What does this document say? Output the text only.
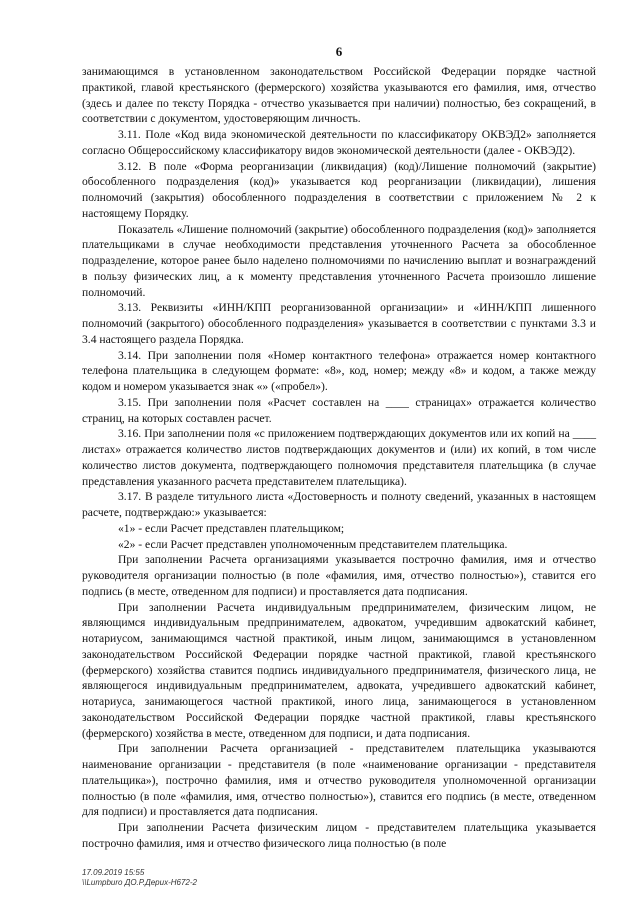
6

занимающимся в установленном законодательством Российской Федерации порядке частной практикой, главой крестьянского (фермерского) хозяйства указываются его фамилия, имя, отчество (здесь и далее по тексту Порядка - отчество указывается при наличии) полностью, без сокращений, в соответствии с документом, удостоверяющим личность.

3.11. Поле «Код вида экономической деятельности по классификатору ОКВЭД2» заполняется согласно Общероссийскому классификатору видов экономической деятельности (далее - ОКВЭД2).

3.12. В поле «Форма реорганизации (ликвидация) (код)/Лишение полномочий (закрытие) обособленного подразделения (код)» указывается код реорганизации (ликвидации), лишения полномочий (закрытия) обособленного подразделения в соответствии с приложением № 2 к настоящему Порядку.

Показатель «Лишение полномочий (закрытие) обособленного подразделения (код)» заполняется плательщиками в случае необходимости представления уточненного Расчета за обособленное подразделение, которое ранее было наделено полномочиями по начислению выплат и вознаграждений в пользу физических лиц, а к моменту представления уточненного Расчета произошло лишение полномочий.

3.13. Реквизиты «ИНН/КПП реорганизованной организации» и «ИНН/КПП лишенного полномочий (закрытого) обособленного подразделения» указывается в соответствии с пунктами 3.3 и 3.4 настоящего раздела Порядка.

3.14. При заполнении поля «Номер контактного телефона» отражается номер контактного телефона плательщика в следующем формате: «8», код, номер; между «8» и кодом, а также между кодом и номером указывается знак «» («пробел»).

3.15. При заполнении поля «Расчет составлен на ____ страницах» отражается количество страниц, на которых составлен расчет.

3.16. При заполнении поля «с приложением подтверждающих документов или их копий на ____ листах» отражается количество листов подтверждающих документов и (или) их копий, в том числе количество листов документа, подтверждающего полномочия представителя плательщика (в случае представления указанного расчета представителем плательщика).

3.17. В разделе титульного листа «Достоверность и полноту сведений, указанных в настоящем расчете, подтверждаю:» указывается:

«1» - если Расчет представлен плательщиком;

«2» - если Расчет представлен уполномоченным представителем плательщика.

При заполнении Расчета организациями указывается построчно фамилия, имя и отчество руководителя организации полностью (в поле «фамилия, имя, отчество полностью»), ставится его подпись (в месте, отведенном для подписи) и проставляется дата подписания.

При заполнении Расчета индивидуальным предпринимателем, физическим лицом, не являющимся индивидуальным предпринимателем, адвокатом, учредившим адвокатский кабинет, нотариусом, занимающимся частной практикой, иным лицом, занимающимся в установленном законодательством Российской Федерации порядке частной практикой, главой крестьянского (фермерского) хозяйства ставится подпись индивидуального предпринимателя, физического лица, не являющегося индивидуальным предпринимателем, адвоката, учредившего адвокатский кабинет, нотариуса, занимающегося частной практикой, иного лица, занимающегося в установленном законодательством Российской Федерации порядке частной практикой, главы крестьянского (фермерского) хозяйства в месте, отведенном для подписи, и дата подписания.

При заполнении Расчета организацией - представителем плательщика указываются наименование организации - представителя (в поле «наименование организации - представителя плательщика»), построчно фамилия, имя и отчество руководителя уполномоченной организации полностью (в поле «фамилия, имя, отчество полностью»), ставится его подпись (в месте, отведенном для подписи) и проставляется дата подписания.

При заполнении Расчета физическим лицом - представителем плательщика указывается построчно фамилия, имя и отчество физического лица полностью (в поле

17.09.2019 15:55
\\Lumpburo ДО.Р.Дерих-Н672-2
